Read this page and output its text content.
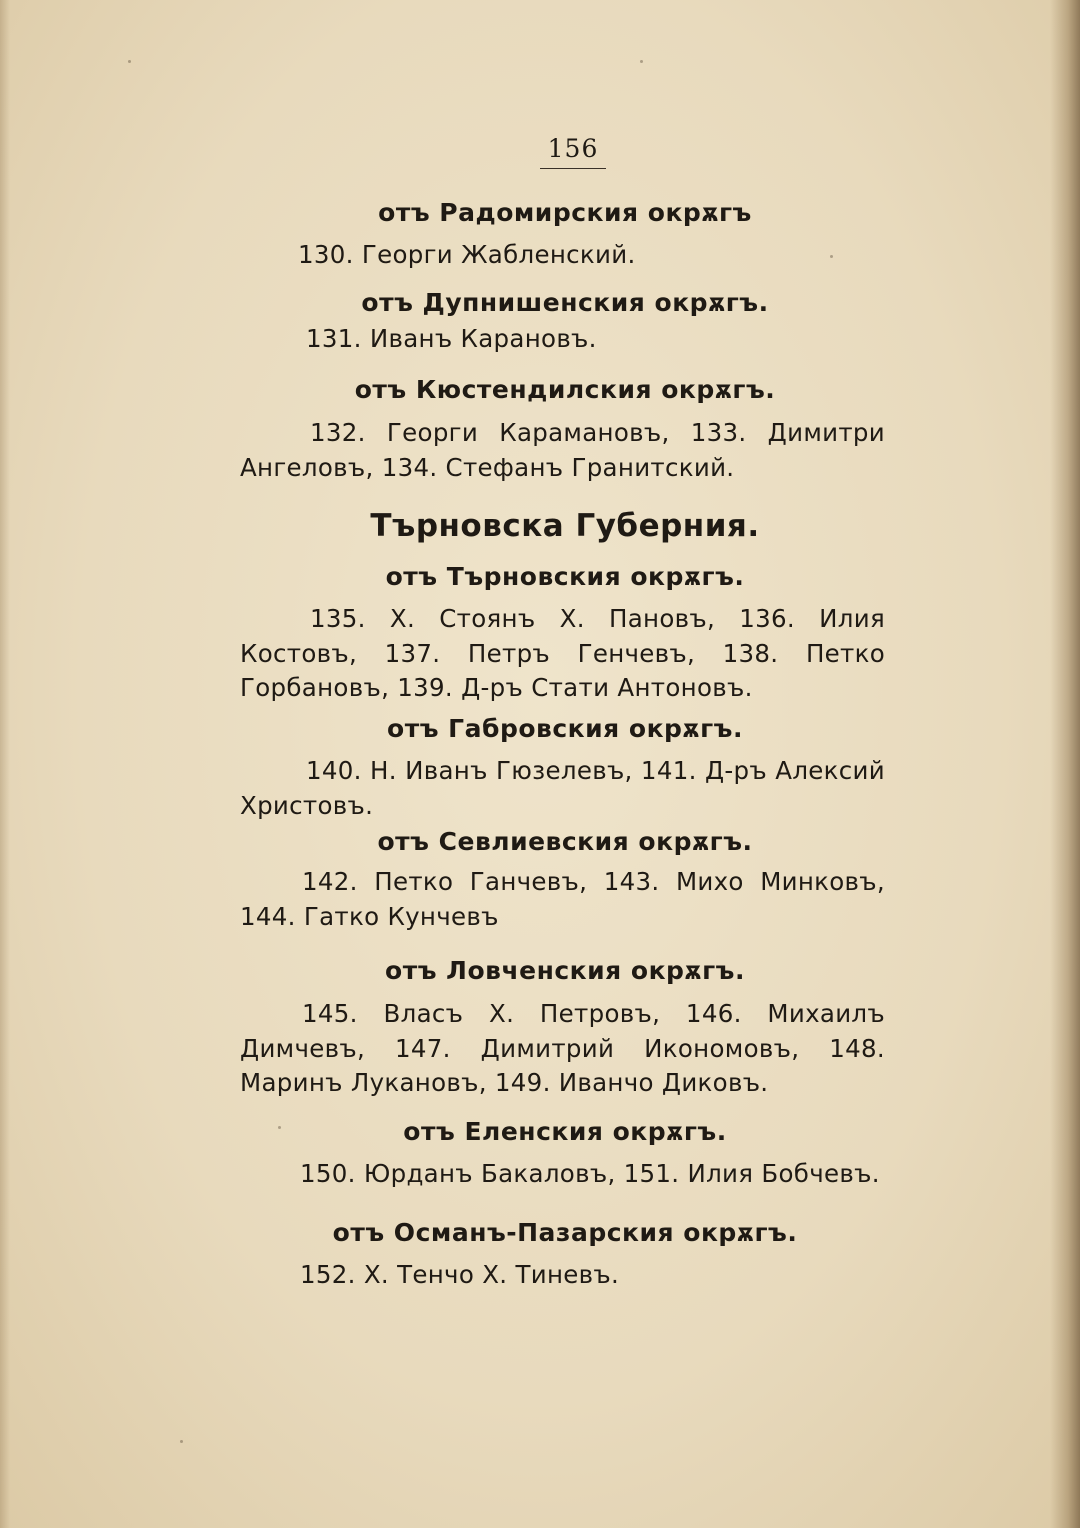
156
отъ Радомирския окрѫгъ
130. Георги Жабленский.
отъ Дупнишенския окрѫгъ.
131. Иванъ Карановъ.
отъ Кюстендилския окрѫгъ.
132. Георги Карамановъ, 133. Димитри Ангеловъ, 134. Стефанъ Гранитский.
Търновска Губерния.
отъ Търновския окрѫгъ.
135. Х. Стоянъ Х. Пановъ, 136. Илия Костовъ, 137. Петръ Генчевъ, 138. Петко Горбановъ, 139. Д-ръ Стати Антоновъ.
отъ Габровския окрѫгъ.
140. Н. Иванъ Гюзелевъ, 141. Д-ръ Алексий Христовъ.
отъ Севлиевския окрѫгъ.
142. Петко Ганчевъ, 143. Михо Минковъ, 144. Гатко Кунчевъ
отъ Ловченския окрѫгъ.
145. Власъ Х. Петровъ, 146. Михаилъ Димчевъ, 147. Димитрий Икономовъ, 148. Маринъ Лукановъ, 149. Иванчо Диковъ.
отъ Еленския окрѫгъ.
150. Юрданъ Бакаловъ, 151. Илия Бобчевъ.
отъ Османъ-Пазарския окрѫгъ.
152. Х. Тенчо Х. Тиневъ.
